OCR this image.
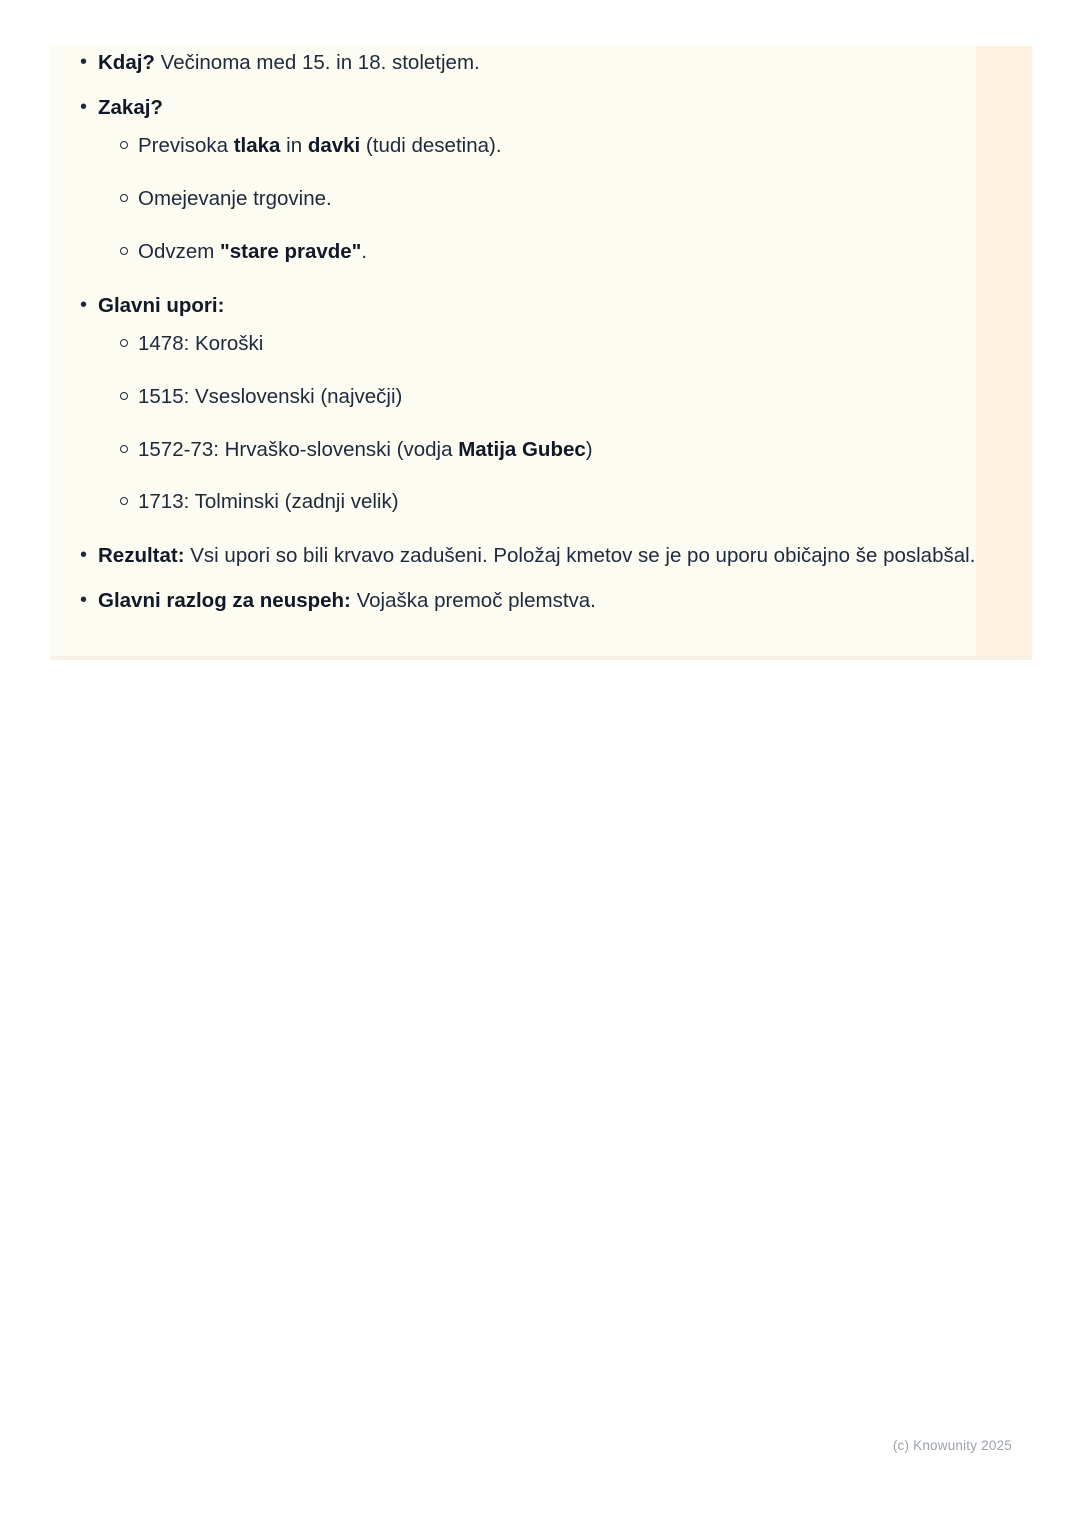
• Kdaj? Večinoma med 15. in 18. stoletjem.
• Zakaj?
Previsoka tlaka in davki (tudi desetina).
Omejevanje trgovine.
Odvzem "stare pravde".
• Glavni upori:
1478: Koroški
1515: Vseslovenski (največji)
1572-73: Hrvaško-slovenski (vodja Matija Gubec)
1713: Tolminski (zadnji velik)
• Rezultat: Vsi upori so bili krvavo zadušeni. Položaj kmetov se je po uporu običajno še poslabšal.
• Glavni razlog za neuspeh: Vojaška premoč plemstva.
(c) Knowunity 2025
